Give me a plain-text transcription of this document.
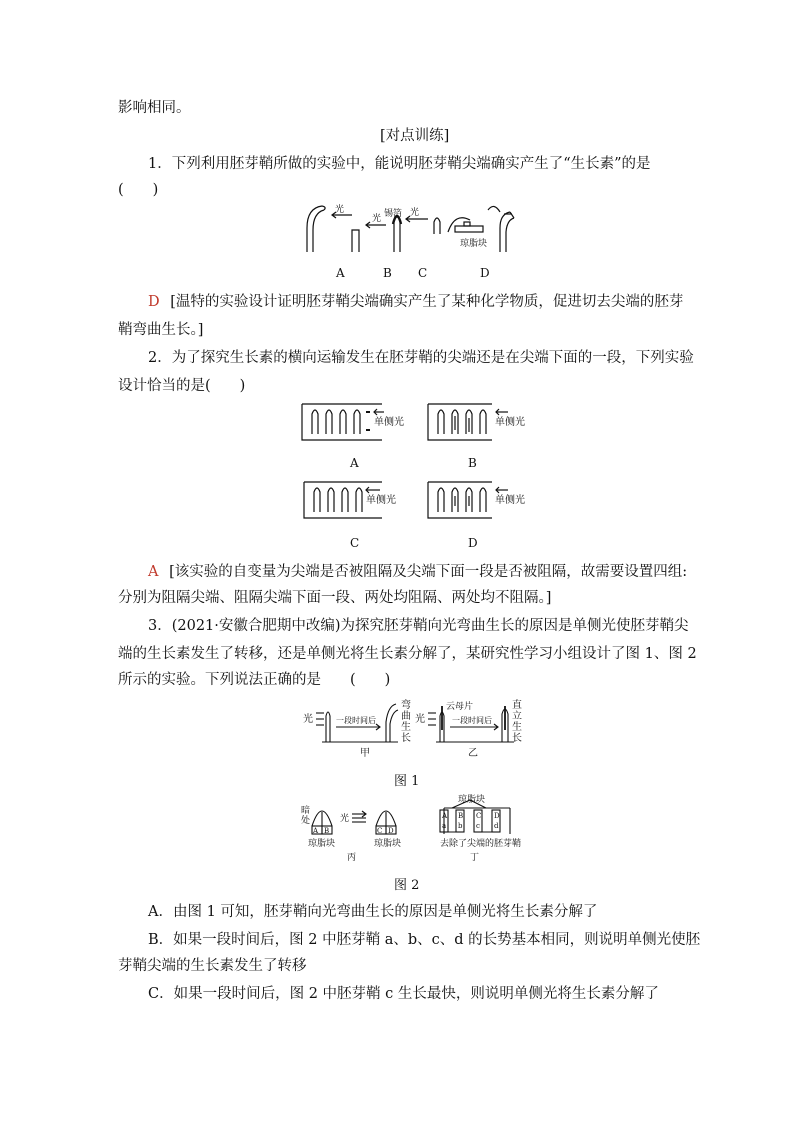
影响相同。
[对点训练]
1．下列利用胚芽鞘所做的实验中，能说明胚芽鞘尖端确实产生了“生长素”的是
(　　)
光
光 锡箔 光
琼脂块
A	B C	D
D [温特的实验设计证明胚芽鞘尖端确实产生了某种化学物质，促进切去尖端的胚芽
鞘弯曲生长。]
2．为了探究生长素的横向运输发生在胚芽鞘的尖端还是在尖端下面的一段，下列实验
设计恰当的是(　　)
单侧光	单侧光
单侧光	单侧光
A	B
C	D
A [该实验的自变量为尖端是否被阻隔及尖端下面一段是否被阻隔，故需要设置四组:
分别为阻隔尖端、阻隔尖端下面一段、两处均阻隔、两处均不阻隔。]
3．(2021·安徽合肥期中改编)为探究胚芽鞘向光弯曲生长的原因是单侧光使胚芽鞘尖
端的生长素发生了转移，还是单侧光将生长素分解了，某研究性学习小组设计了图 1、图 2
所示的实验。下列说法正确的是　　(　　)
光	一段时间后
弯 曲 生 长
甲
光
云母片
一段时间后
直 立 生 长
乙
图 1
暗 处
A B
光
C D
琼脂块	琼脂块
丙
琼脂块
A
a
B
b
C
c
D
d
去除了尖端的胚芽鞘
丁
图 2
A．由图 1 可知，胚芽鞘向光弯曲生长的原因是单侧光将生长素分解了
B．如果一段时间后，图 2 中胚芽鞘 a、b、c、d 的长势基本相同，则说明单侧光使胚
芽鞘尖端的生长素发生了转移
C．如果一段时间后，图 2 中胚芽鞘 c 生长最快，则说明单侧光将生长素分解了
